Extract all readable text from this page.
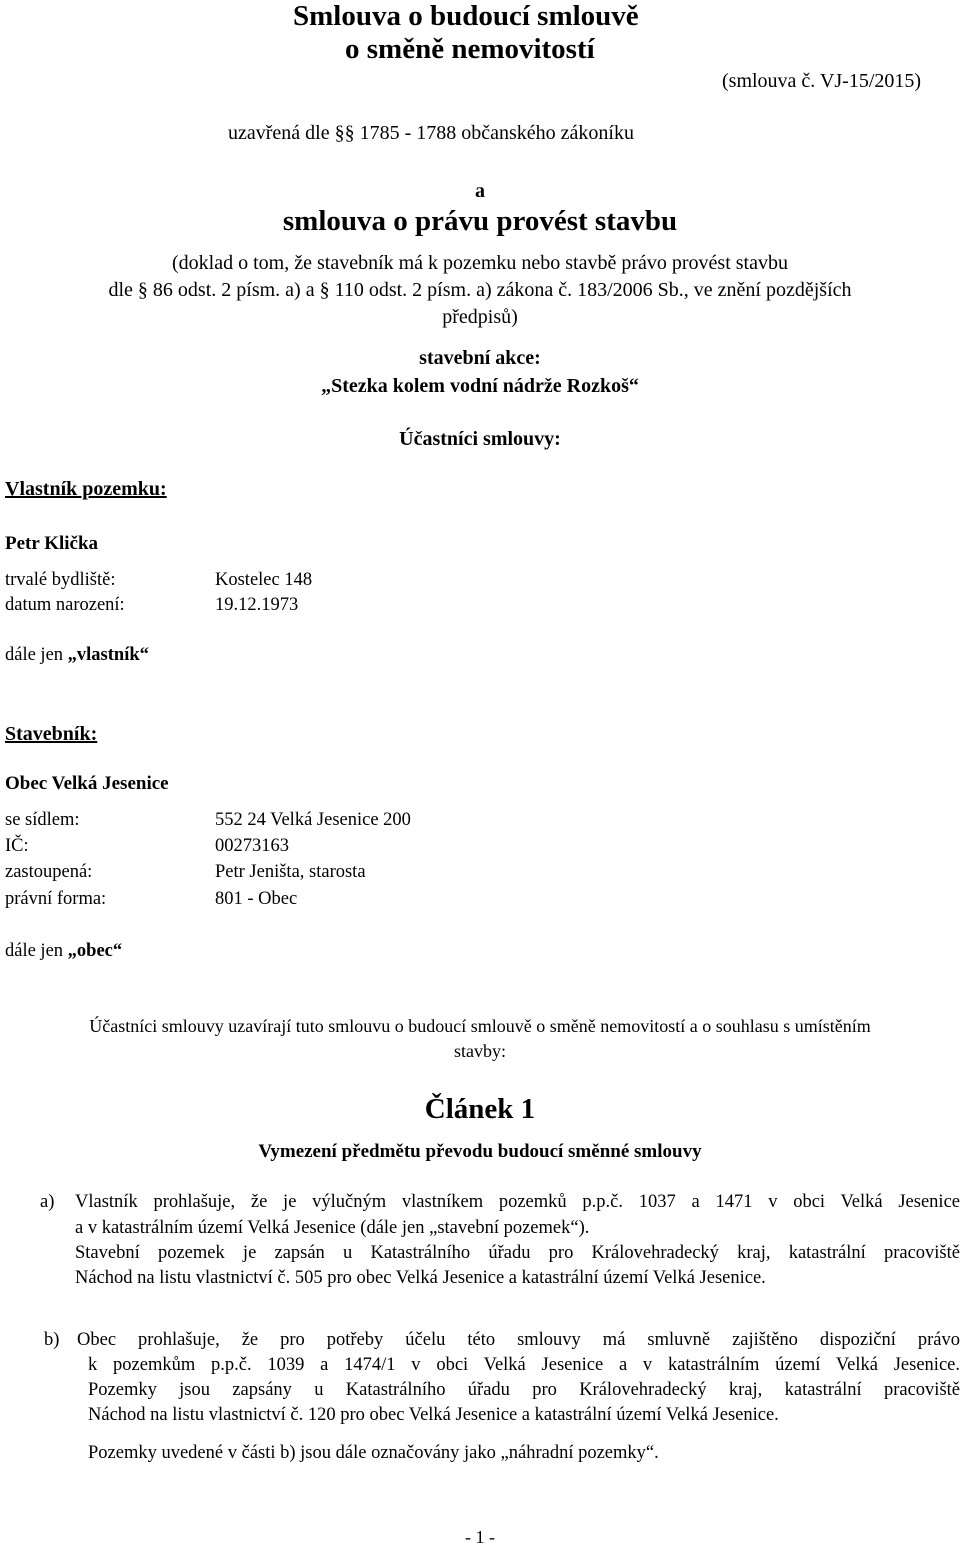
Smlouva o budoucí smlouvě
o směně nemovitostí
(smlouva č. VJ-15/2015)
uzavřená dle §§ 1785 - 1788 občanského zákoníku
a
smlouva o právu provést stavbu
(doklad o tom, že stavebník má k pozemku nebo stavbě právo provést stavbu
dle § 86 odst. 2 písm. a) a § 110 odst. 2 písm. a) zákona č. 183/2006 Sb., ve znění pozdějších
předpisů)
stavební akce:
„Stezka kolem vodní nádrže Rozkoš“
Účastníci smlouvy:
Vlastník pozemku:
Petr Klička
trvalé bydliště:	Kostelec 148
datum narození:	19.12.1973
dále jen „vlastník“
Stavebník:
Obec Velká Jesenice
se sídlem:	552 24 Velká Jesenice 200
IČ:	00273163
zastoupená:	Petr Jeništa, starosta
právní forma:	801 - Obec
dále jen „obec“
Účastníci smlouvy uzavírají tuto smlouvu o budoucí smlouvě o směně nemovitostí a o souhlasu s umístěním
stavby:
Článek 1
Vymezení předmětu převodu budoucí směnné smlouvy
a) Vlastník prohlašuje, že je výlučným vlastníkem pozemků p.p.č. 1037 a 1471 v obci Velká Jesenice
a v katastrálním území Velká Jesenice (dále jen „stavební pozemek“).
Stavební pozemek je zapsán u Katastrálního úřadu pro Královehradecký kraj, katastrální pracoviště
Náchod na listu vlastnictví č. 505 pro obec Velká Jesenice a katastrální území Velká Jesenice.
b) Obec prohlašuje, že pro potřeby účelu této smlouvy má smluvně zajištěno dispoziční právo
k pozemkům p.p.č. 1039 a 1474/1 v obci Velká Jesenice a v katastrálním území Velká Jesenice.
Pozemky jsou zapsány u Katastrálního úřadu pro Královehradecký kraj, katastrální pracoviště
Náchod na listu vlastnictví č. 120 pro obec Velká Jesenice a katastrální území Velká Jesenice.
Pozemky uvedené v části b) jsou dále označovány jako „náhradní pozemky“.
- 1 -
